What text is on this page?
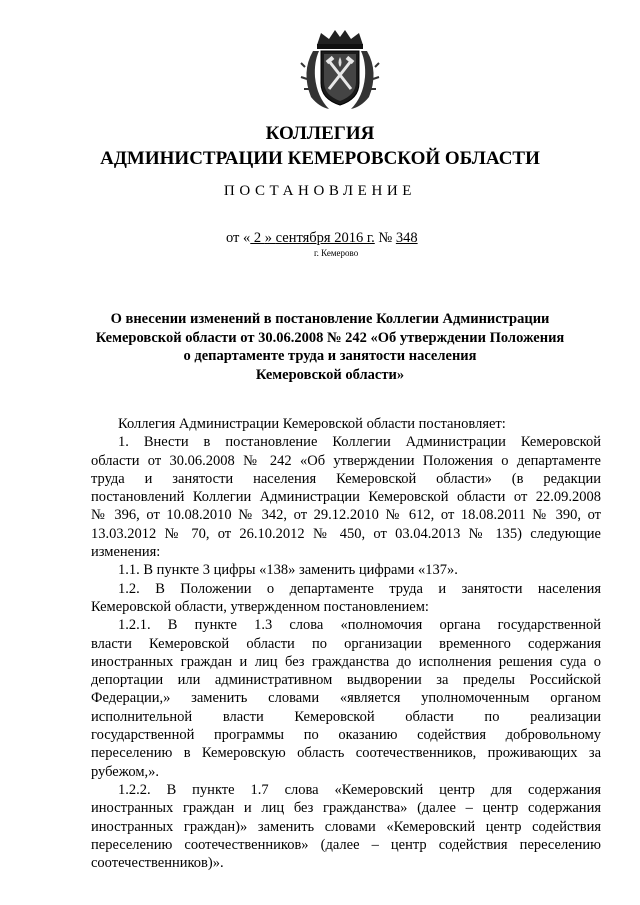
КОЛЛЕГИЯ
АДМИНИСТРАЦИИ КЕМЕРОВСКОЙ ОБЛАСТИ
ПОСТАНОВЛЕНИЕ
от « 2 » сентября 2016 г. № 348
г. Кемерово
О внесении изменений в постановление Коллегии Администрации
Кемеровской области от 30.06.2008 № 242 «Об утверждении Положения
о департаменте труда и занятости населения
Кемеровской области»
Коллегия Администрации Кемеровской области постановляет:
1. Внести в постановление Коллегии Администрации Кемеровской
области от 30.06.2008 № 242 «Об утверждении Положения о департаменте
труда и занятости населения Кемеровской области» (в редакции
постановлений Коллегии Администрации Кемеровской области от 22.09.2008
№ 396, от 10.08.2010 № 342, от 29.12.2010 № 612, от 18.08.2011 № 390, от
13.03.2012 № 70, от 26.10.2012 № 450, от 03.04.2013 № 135) следующие
изменения:
1.1. В пункте 3 цифры «138» заменить цифрами «137».
1.2. В Положении о департаменте труда и занятости населения
Кемеровской области, утвержденном постановлением:
1.2.1. В пункте 1.3 слова «полномочия органа государственной
власти Кемеровской области по организации временного содержания
иностранных граждан и лиц без гражданства до исполнения решения суда о
депортации или административном выдворении за пределы Российской
Федерации,» заменить словами «является уполномоченным органом
исполнительной власти Кемеровской области по реализации
государственной программы по оказанию содействия добровольному
переселению в Кемеровскую область соотечественников, проживающих за
рубежом,».
1.2.2. В пункте 1.7 слова «Кемеровский центр для содержания
иностранных граждан и лиц без гражданства» (далее – центр содержания
иностранных граждан)» заменить словами «Кемеровский центр содействия
переселению соотечественников» (далее – центр содействия переселению
соотечественников)».
